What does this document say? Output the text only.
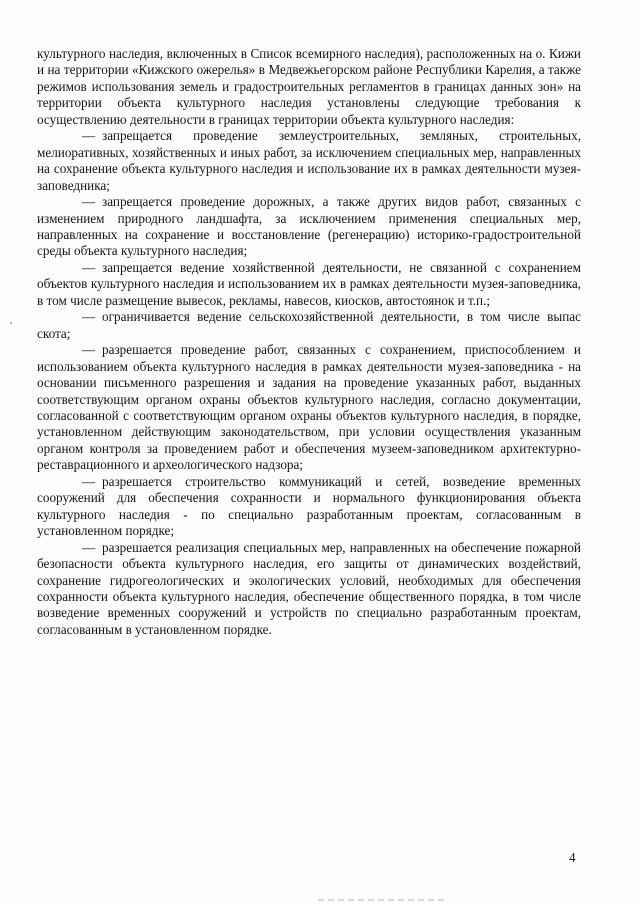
культурного наследия, включенных в Список всемирного наследия), расположенных на о. Кижи и на территории «Кижского ожерелья» в Медвежьегорском районе Республики Карелия, а также режимов использования земель и градостроительных регламентов в границах данных зон» на территории объекта культурного наследия установлены следующие требования к осуществлению деятельности в границах территории объекта культурного наследия:

— запрещается проведение землеустроительных, земляных, строительных, мелиоративных, хозяйственных и иных работ, за исключением специальных мер, направленных на сохранение объекта культурного наследия и использование их в рамках деятельности музея-заповедника;

— запрещается проведение дорожных, а также других видов работ, связанных с изменением природного ландшафта, за исключением применения специальных мер, направленных на сохранение и восстановление (регенерацию) историко-градостроительной среды объекта культурного наследия;

— запрещается ведение хозяйственной деятельности, не связанной с сохранением объектов культурного наследия и использованием их в рамках деятельности музея-заповедника, в том числе размещение вывесок, рекламы, навесов, киосков, автостоянок и т.п.;

— ограничивается ведение сельскохозяйственной деятельности, в том числе выпас скота;

— разрешается проведение работ, связанных с сохранением, приспособлением и использованием объекта культурного наследия в рамках деятельности музея-заповедника - на основании письменного разрешения и задания на проведение указанных работ, выданных соответствующим органом охраны объектов культурного наследия, согласно документации, согласованной с соответствующим органом охраны объектов культурного наследия, в порядке, установленном действующим законодательством, при условии осуществления указанным органом контроля за проведением работ и обеспечения музеем-заповедником архитектурно-реставрационного и археологического надзора;

— разрешается строительство коммуникаций и сетей, возведение временных сооружений для обеспечения сохранности и нормального функционирования объекта культурного наследия - по специально разработанным проектам, согласованным в установленном порядке;

— разрешается реализация специальных мер, направленных на обеспечение пожарной безопасности объекта культурного наследия, его защиты от динамических воздействий, сохранение гидрогеологических и экологических условий, необходимых для обеспечения сохранности объекта культурного наследия, обеспечение общественного порядка, в том числе возведение временных сооружений и устройств по специально разработанным проектам, согласованным в установленном порядке.

4
